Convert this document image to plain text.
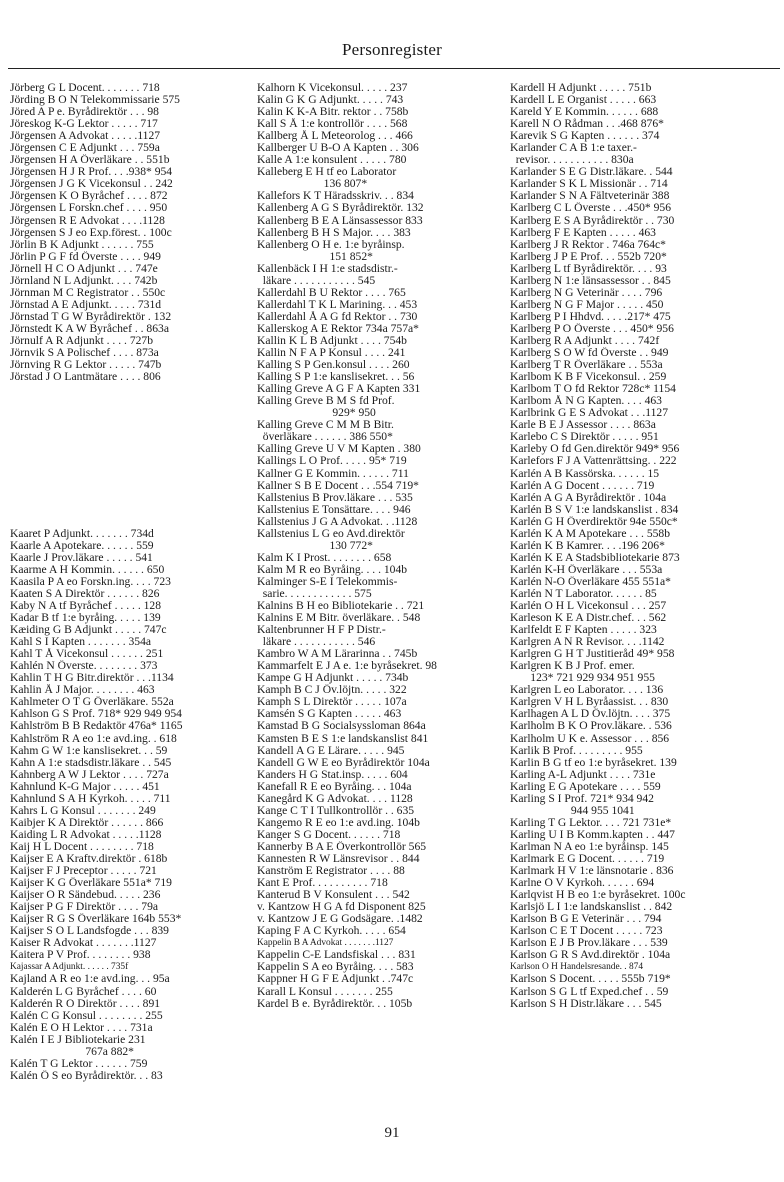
Personregister
Jörberg G L Docent. . . . . . . 718
Jörding B O N Telekommissarie 575
Jöred A P e. Byrådirektör . . . 98
Jöreskog K-G Lektor . . . . . 717
Jörgensen A Advokat . . . . .1127
Jörgensen C E Adjunkt . . . 759a
Jörgensen H A Överläkare . . 551b
Jörgensen H J R Prof. . . .938* 954
Jörgensen J G K Vicekonsul . . 242
Jörgensen K O Byråchef . . . . 872
Jörgensen L Forskn.chef . . . . 950
Jörgensen R E Advokat . . . .1128
Jörgensen S J eo Exp.förest. . 100c
Jörlin B K Adjunkt . . . . . . 755
Jörlin P G F fd Överste . . . . 949
Jörnell H C O Adjunkt . . . 747e
Jörnland N L Adjunkt. . . . 742b
Jörnman M C Registrator . . 550c
Jörnstad A E Adjunkt. . . . . 731d
Jörnstad T G W Byrådirektör . 132
Jörnstedt K A W Byråchef . . 863a
Jörnulf A R Adjunkt . . . . 727b
Jörnvik S A Polischef . . . . 873a
Jörnving R G Lektor . . . . . 747b
Jörstad J O Lantmätare . . . . 806
Kaaret P Adjunkt. . . . . . . 734d
Kaarle A Apotekare. . . . . . 559
Kaarle J Prov.läkare . . . . . 541
Kaarme A H Kommin. . . . . . 650
Kaasila P A eo Forskn.ing. . . . 723
Kaaten S A Direktör . . . . . . 826
Kaby N A tf Byråchef . . . . . 128
Kadar B tf 1:e byråing. . . . . 139
Kæiding G B Adjunkt . . . . . 747c
Kahl S I Kapten . . . . . . . 354a
Kahl T Å Vicekonsul . . . . . . 251
Kahlén N Överste. . . . . . . . 373
Kahlin T H G Bitr.direktör . . .1134
Kahlin Å J Major. . . . . . . . 463
Kahlmeter O T G Överläkare. 552a
Kahlson G S Prof. 718* 929 949 954
Kahlström B B Redaktör 476a* 1165
Kahlström R A eo 1:e avd.ing. . 618
Kahm G W 1:e kanslisekret. . . 59
Kahn A 1:e stadsdistr.läkare . . 545
Kahnberg A W J Lektor . . . . 727a
Kahnlund K-G Major . . . . . 451
Kahnlund S A H Kyrkoh. . . . . 711
Kahrs L G Konsul . . . . . . . 249
Kaibjer K A Direktör . . . . . . 866
Kaiding L R Advokat . . . . .1128
Kaij H L Docent . . . . . . . . 718
Kaijser E A Kraftv.direktör . 618b
Kaijser F J Preceptor . . . . . 721
Kaijser K G Överläkare 551a* 719
Kaijser O R Sändebud. . . . . 236
Kaijser P G F Direktör . . . . 79a
Kaijser R G S Överläkare 164b 553*
Kaijser S O L Landsfogde . . . 839
Kaiser R Advokat . . . . . . .1127
Kaitera P V Prof. . . . . . . . 938
Kajassar A Adjunkt. . . . . . 735f
Kajland A R eo 1:e avd.ing. . . 95a
Kalderén L G Byråchef . . . . 60
Kalderén R O Direktör . . . . 891
Kalén C G Konsul . . . . . . . . 255
Kalén E O H Lektor . . . . 731a
Kalén I E J Bibliotekarie 231
767a 882*
Kalén T G Lektor . . . . . . 759
Kalén Ö S eo Byrådirektör. . . 83
Kalhorn K Vicekonsul. . . . . 237
Kalin G K G Adjunkt. . . . . 743
Kalin K K-A Bitr. rektor . . 758b
Kall S Å 1:e kontrollör . . . . 568
Kallberg Å L Meteorolog . . . 466
Kallberger U B-O A Kapten . . 306
Kalle A 1:e konsulent . . . . . 780
Kalleberg E H tf eo Laborator
136 807*
Kallefors K T Häradsskriv. . . 834
Kallenberg A G S Byrådirektör. 132
Kallenberg B E A Länsassessor 833
Kallenberg B H S Major. . . . 383
Kallenberg O H e. 1:e byråinsp.
151 852*
Kallenbäck I H 1:e stadsdistr.-
läkare . . . . . . . . . . . 545
Kallerdahl B U Rektor . . . . 765
Kallerdahl T K L Marining. . . 453
Kallerdahl Å A G fd Rektor . . 730
Kallerskog A E Rektor 734a 757a*
Kallin K L B Adjunkt . . . . 754b
Kallin N F A P Konsul . . . . 241
Kalling S P Gen.konsul . . . . 260
Kalling S P 1:e kanslisekret. . . 56
Kalling Greve A G F A Kapten 331
Kalling Greve B M S fd Prof.
929* 950
Kalling Greve C M M B Bitr.
överläkare . . . . . . 386 550*
Kalling Greve U V M Kapten . 380
Kallings L O Prof. . . . . 95* 719
Kallner G E Kommin. . . . . . 711
Kallner S B E Docent . . .554 719*
Kallstenius B Prov.läkare . . . 535
Kallstenius E Tonsättare. . . . 946
Kallstenius J G A Advokat. . .1128
Kallstenius L G eo Avd.direktör
130 772*
Kalm K I Prost. . . . . . . . 658
Kalm M R eo Byråing. . . . 104b
Kalminger S-E I Telekommis-
sarie. . . . . . . . . . . . 575
Kalnins B H eo Bibliotekarie . . 721
Kalnins E M Bitr. överläkare. . 548
Kaltenbrunner H F P Distr.-
läkare . . . . . . . . . . . 546
Kambro W A M Lärarinna . . 745b
Kammarfelt E J A e. 1:e byråsekret. 98
Kampe G H Adjunkt . . . . . 734b
Kamph B C J Öv.löjtn. . . . . 322
Kamph S L Direktör . . . . . 107a
Kamsén S G Kapten . . . . . 463
Kamstad B G Socialsyssloman 864a
Kamsten B E S 1:e landskanslist 841
Kandell A G E Lärare. . . . . 945
Kandell G W E eo Byrådirektör 104a
Kanders H G Stat.insp. . . . . 604
Kanefall R E eo Byråing. . . 104a
Kanegård K G Advokat. . . . 1128
Kange C T I Tullkontrollör . . 635
Kangemo R E eo 1:e avd.ing. 104b
Kanger S G Docent. . . . . . 718
Kannerby B A E Överkontrollör 565
Kannesten R W Länsrevisor . . 844
Kanström E Registrator . . . . 88
Kant E Prof. . . . . . . . . . 718
Kanterud B V Konsulent . . . 542
v. Kantzow H G A fd Disponent 825
v. Kantzow J E G Godsägare. .1482
Kaping F A C Kyrkoh. . . . . 654
Kappelin B A Advokat . . . . . . .1127
Kappelin C-E Landsfiskal . . . 831
Kappelin S A eo Byråing. . . . 583
Kappner H G F E Adjunkt . .747c
Karall L Konsul . . . . . . . 255
Kardel B e. Byrådirektör. . . 105b
Kardell H Adjunkt . . . . . 751b
Kardell L E Organist . . . . . 663
Kareld Y E Kommin. . . . . . 688
Karell N O Rådman . . .468 876*
Karevik S G Kapten . . . . . . 374
Karlander C A B 1:e taxer.-
revisor. . . . . . . . . . . 830a
Karlander S E G Distr.läkare. . 544
Karlander S K L Missionär . . 714
Karlander S N A Fältveterinär 388
Karlberg C L Överste . . .450* 956
Karlberg E S A Byrådirektör . . 730
Karlberg F E Kapten . . . . . 463
Karlberg J R Rektor . 746a 764c*
Karlberg J P E Prof. . . 552b 720*
Karlberg L tf Byrådirektör. . . . 93
Karlberg N 1:e länsassessor . . 845
Karlberg N G Veterinär . . . . 796
Karlberg N G F Major . . . . . 450
Karlberg P I Hhdvd. . . . .217* 475
Karlberg P O Överste . . . 450* 956
Karlberg R A Adjunkt . . . . 742f
Karlberg S O W fd Överste . . 949
Karlberg T R Överläkare . . 553a
Karlbom K B F Vicekonsul. . 259
Karlbom T O fd Rektor 728c* 1154
Karlbom Å N G Kapten. . . . 463
Karlbrink G E S Advokat . . .1127
Karle B E J Assessor . . . . 863a
Karlebo C S Direktör . . . . . 951
Karleby O fd Gen.direktör 949* 956
Karlefors F J A Vattenrättsing. . 222
Karlén A B Kassörska. . . . . . 15
Karlén A G Docent . . . . . . 719
Karlén A G A Byrådirektör . 104a
Karlén B S V 1:e landskanslist . 834
Karlén G H Överdirektör 94e 550c*
Karlén K A M Apotekare . . . 558b
Karlén K B Kamrer. . . .196 206*
Karlén K E A Stadsbibliotekarie 873
Karlén K-H Överläkare . . . 553a
Karlén N-O Överläkare 455 551a*
Karlén N T Laborator. . . . . . 85
Karlén O H L Vicekonsul . . . 257
Karleson K E A Distr.chef. . . 562
Karlfeldt E F Kapten . . . . . 323
Karlgren A N R Revisor. . . .1142
Karlgren G H T Justitieråd 49* 958
Karlgren K B J Prof. emer.
123* 721 929 934 951 955
Karlgren L eo Laborator. . . . 136
Karlgren V H L Byråassist. . . 830
Karlhagen A L D Öv.löjtn. . . . 375
Karlholm B K O Prov.läkare. . 536
Karlholm U K e. Assessor . . . 856
Karlik B Prof. . . . . . . . . 955
Karlin B G tf eo 1:e byråsekret. 139
Karling A-L Adjunkt . . . . 731e
Karling E G Apotekare . . . . 559
Karling S I Prof. 721* 934 942
944 955 1041
Karling T G Lektor. . . . 721 731e*
Karling U I B Komm.kapten . . 447
Karlman N A eo 1:e byråinsp. 145
Karlmark E G Docent. . . . . . 719
Karlmark H V 1:e länsnotarie . 836
Karlne O V Kyrkoh. . . . . . 694
Karlqvist H B eo 1:e byråsekret. 100c
Karlsjö L I 1:e landskanslist . . 842
Karlson B G E Veterinär . . . 794
Karlson C E T Docent . . . . . 723
Karlson E J B Prov.läkare . . . 539
Karlson G R S Avd.direktör . 104a
Karlson O H Handelsresande. . 874
Karlson S Docent. . . . . 555b 719*
Karlson S G L tf Exped.chef . . 59
Karlson S H Distr.läkare . . . 545
91
